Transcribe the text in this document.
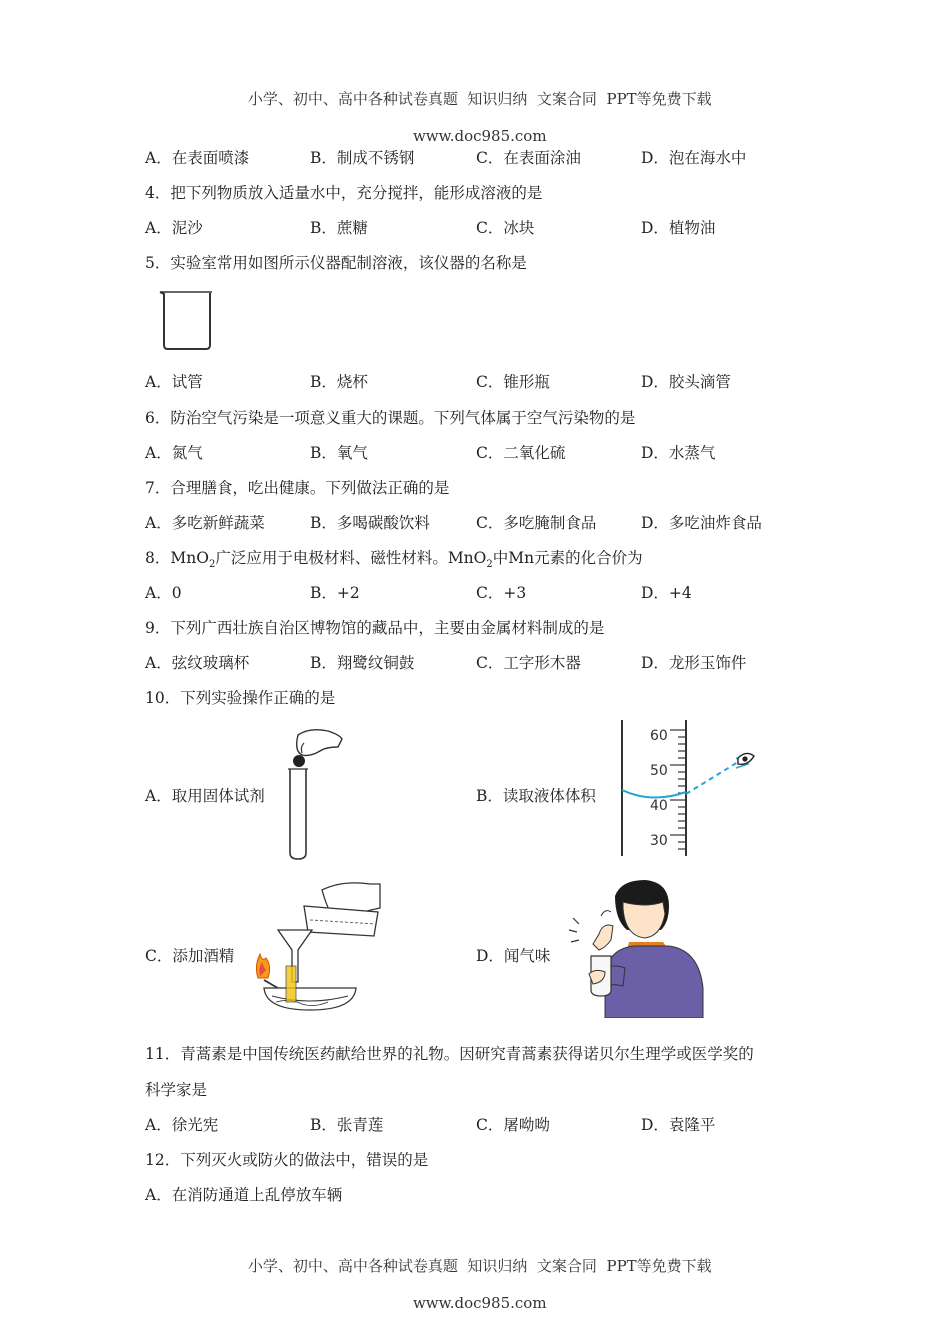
小学、初中、高中各种试卷真题  知识归纳  文案合同  PPT等免费下载

www.doc985.com

A．在表面喷漆	B．制成不锈钢	C．在表面涂油	D．泡在海水中
4．把下列物质放入适量水中，充分搅拌，能形成溶液的是
A．泥沙	B．蔗糖	C．冰块	D．植物油
5．实验室常用如图所示仪器配制溶液，该仪器的名称是
A．试管	B．烧杯	C．锥形瓶	D．胶头滴管
6．防治空气污染是一项意义重大的课题。下列气体属于空气污染物的是
A．氮气	B．氧气	C．二氧化硫	D．水蒸气
7．合理膳食，吃出健康。下列做法正确的是
A．多吃新鲜蔬菜	B．多喝碳酸饮料	C．多吃腌制食品	D．多吃油炸食品
8．MnO$_2$广泛应用于电极材料、磁性材料。MnO$_2$中Mn元素的化合价为
A．0	B．+2	C．+3	D．+4
9．下列广西壮族自治区博物馆的藏品中，主要由金属材料制成的是
A．弦纹玻璃杯	B．翔鹭纹铜鼓	C．工字形木器	D．龙形玉饰件
10．下列实验操作正确的是
A．取用固体试剂	B．读取液体体积
60
50
40
30
C．添加酒精	D．闻气味
11．青蒿素是中国传统医药献给世界的礼物。因研究青蒿素获得诺贝尔生理学或医学奖的
科学家是
A．徐光宪	B．张青莲	C．屠呦呦	D．袁隆平
12．下列灭火或防火的做法中，错误的是
A．在消防通道上乱停放车辆

小学、初中、高中各种试卷真题  知识归纳  文案合同  PPT等免费下载

www.doc985.com
